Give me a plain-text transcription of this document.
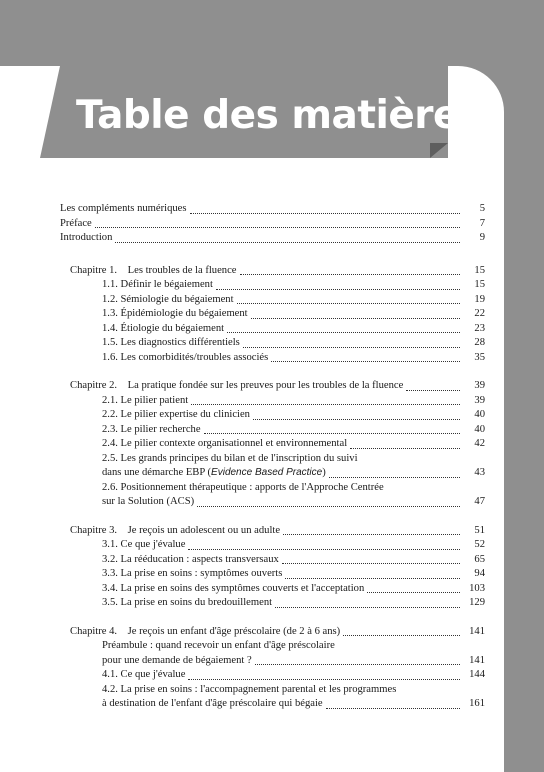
Table des matières
Les compléments numériques	5
Préface	7
Introduction	9
Chapitre 1. Les troubles de la fluence	15
1.1. Définir le bégaiement	15
1.2. Sémiologie du bégaiement	19
1.3. Épidémiologie du bégaiement	22
1.4. Étiologie du bégaiement	23
1.5. Les diagnostics différentiels	28
1.6. Les comorbidités/troubles associés	35
Chapitre 2. La pratique fondée sur les preuves pour les troubles de la fluence	39
2.1. Le pilier patient	39
2.2. Le pilier expertise du clinicien	40
2.3. Le pilier recherche	40
2.4. Le pilier contexte organisationnel et environnemental	42
2.5. Les grands principes du bilan et de l'inscription du suivi
dans une démarche EBP (Evidence Based Practice)	43
2.6. Positionnement thérapeutique : apports de l'Approche Centrée
sur la Solution (ACS)	47
Chapitre 3. Je reçois un adolescent ou un adulte	51
3.1. Ce que j'évalue	52
3.2. La rééducation : aspects transversaux	65
3.3. La prise en soins : symptômes ouverts	94
3.4. La prise en soins des symptômes couverts et l'acceptation	103
3.5. La prise en soins du bredouillement	129
Chapitre 4. Je reçois un enfant d'âge préscolaire (de 2 à 6 ans)	141
Préambule : quand recevoir un enfant d'âge préscolaire
pour une demande de bégaiement ?	141
4.1. Ce que j'évalue	144
4.2. La prise en soins : l'accompagnement parental et les programmes
à destination de l'enfant d'âge préscolaire qui bégaie	161
